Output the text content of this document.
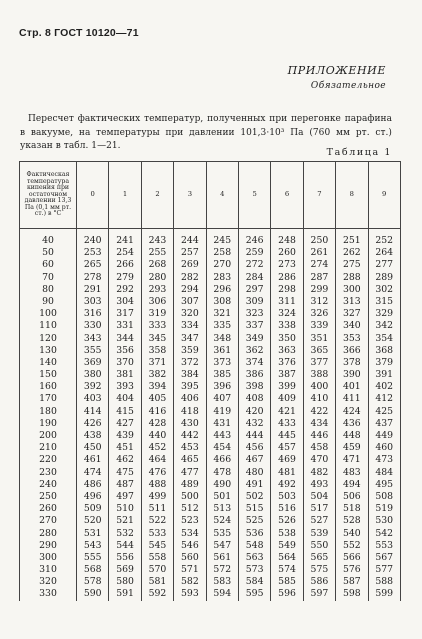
Стр. 8 ГОСТ 10120—71
ПРИЛОЖЕНИЕ
Обязательное
Пересчет фактических температур, полученных при перегонке парафина в вакууме, на температуры при давлении 101,3·10³ Па (760 мм рт. ст.) указан в табл. 1—21.
Таблица 1
Фактическая температура кипения при остаточном давлении 13,3 Па (0,1 мм рт. ст.) в °С	0	1	2	3	4	5	6	7	8	9
40	240	241	243	244	245	246	248	250	251	252
50	253	254	255	257	258	259	260	261	262	264
60	265	266	268	269	270	272	273	274	275	277
70	278	279	280	282	283	284	286	287	288	289
80	291	292	293	294	296	297	298	299	300	302
90	303	304	306	307	308	309	311	312	313	315
100	316	317	319	320	321	323	324	326	327	329
110	330	331	333	334	335	337	338	339	340	342
120	343	344	345	347	348	349	350	351	353	354
130	355	356	358	359	361	362	363	365	366	368
140	369	370	371	372	373	374	376	377	378	379
150	380	381	382	384	385	386	387	388	390	391
160	392	393	394	395	396	398	399	400	401	402
170	403	404	405	406	407	408	409	410	411	412
180	414	415	416	418	419	420	421	422	424	425
190	426	427	428	430	431	432	433	434	436	437
200	438	439	440	442	443	444	445	446	448	449
210	450	451	452	453	454	456	457	458	459	460
220	461	462	464	465	466	467	469	470	471	473
230	474	475	476	477	478	480	481	482	483	484
240	486	487	488	489	490	491	492	493	494	495
250	496	497	499	500	501	502	503	504	506	508
260	509	510	511	512	513	515	516	517	518	519
270	520	521	522	523	524	525	526	527	528	530
280	531	532	533	534	535	536	538	539	540	542
290	543	544	545	546	547	548	549	550	552	553
300	555	556	558	560	561	563	564	565	566	567
310	568	569	570	571	572	573	574	575	576	577
320	578	580	581	582	583	584	585	586	587	588
330	590	591	592	593	594	595	596	597	598	599
